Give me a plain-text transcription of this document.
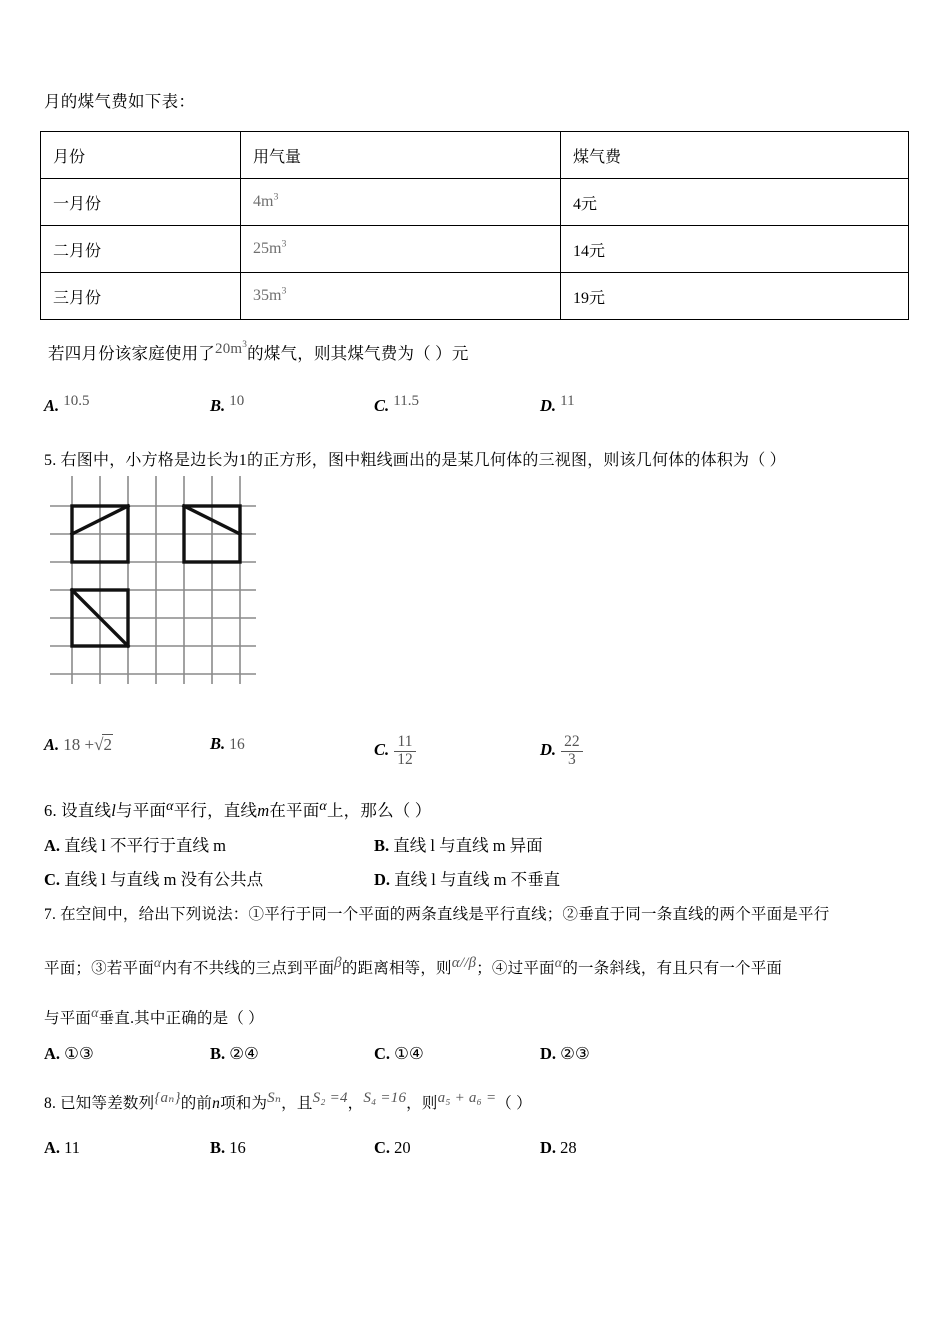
月的煤气费如下表：
月份	用气量	煤气费
一月份	$4m^3$	4元
二月份	$25m^3$	14元
三月份	$35m^3$	19元
若四月份该家庭使用了$20m^3$的煤气，则其煤气费为（ ）元
A. 10.5	B. 10	C. 11.5	D. 11
5. 右图中，小方格是边长为1的正方形，图中粗线画出的是某几何体的三视图，则该几何体的体积为（ ）
A. 18 +√2	B. 16	C. $\frac{11}{12}$	D. $\frac{22}{3}$
6. 设直线l与平面α平行，直线m在平面α上，那么（ ）
A. 直线 l 不平行于直线 m	B. 直线 l 与直线 m 异面
C. 直线 l 与直线 m 没有公共点	D. 直线 l 与直线 m 不垂直
7. 在空间中，给出下列说法：①平行于同一个平面的两条直线是平行直线；②垂直于同一条直线的两个平面是平行
平面；③若平面α内有不共线的三点到平面β的距离相等，则α//β；④过平面α的一条斜线，有且只有一个平面
与平面α垂直.其中正确的是（ ）
A. ①③	B. ②④	C. ①④	D. ②③
8. 已知等差数列{aₙ}的前n项和为Sₙ，且S₂ =4，S₄ =16，则a₅ + a₆ =（ ）
A. 11	B. 16	C. 20	D. 28
